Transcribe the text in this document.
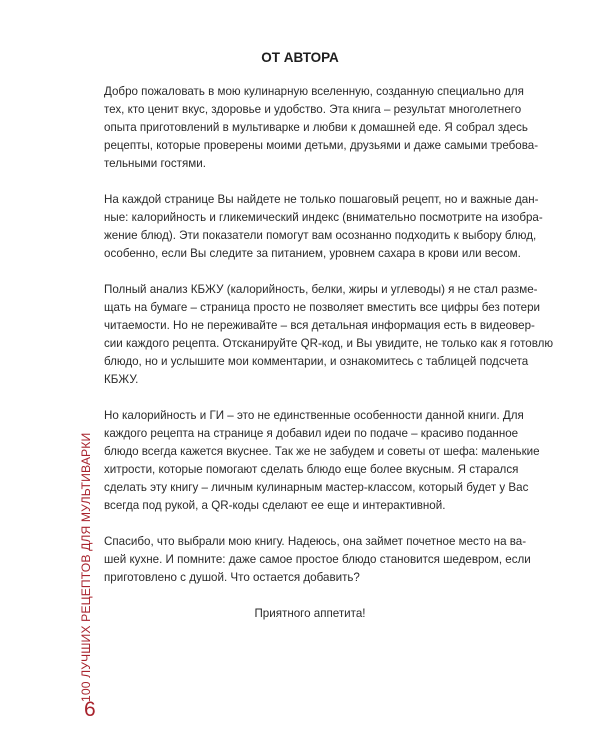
ОТ АВТОРА
Добро пожаловать в мою кулинарную вселенную, созданную специально для
тех, кто ценит вкус, здоровье и удобство. Эта книга – результат многолетнего
опыта приготовлений в мультиварке и любви к домашней еде. Я собрал здесь
рецепты, которые проверены моими детьми, друзьями и даже самыми требова-
тельными гостями.
На каждой странице Вы найдете не только пошаговый рецепт, но и важные дан-
ные: калорийность и гликемический индекс (внимательно посмотрите на изобра-
жение блюд). Эти показатели помогут вам осознанно подходить к выбору блюд,
особенно, если Вы следите за питанием, уровнем сахара в крови или весом.
Полный анализ КБЖУ (калорийность, белки, жиры и углеводы) я не стал разме-
щать на бумаге – страница просто не позволяет вместить все цифры без потери
читаемости. Но не переживайте – вся детальная информация есть в видеовер-
сии каждого рецепта. Отсканируйте QR-код, и Вы увидите, не только как я готовлю
блюдо, но и услышите мои комментарии, и ознакомитесь с таблицей подсчета
КБЖУ.
Но калорийность и ГИ – это не единственные особенности данной книги. Для
каждого рецепта на странице я добавил идеи по подаче – красиво поданное
блюдо всегда кажется вкуснее. Так же не забудем и советы от шефа: маленькие
хитрости, которые помогают сделать блюдо еще более вкусным. Я старался
сделать эту книгу – личным кулинарным мастер-классом, который будет у Вас
всегда под рукой, а QR-коды сделают ее еще и интерактивной.
Спасибо, что выбрали мою книгу. Надеюсь, она займет почетное место на ва-
шей кухне. И помните: даже самое простое блюдо становится шедевром, если
приготовлено с душой. Что остается добавить?
Приятного аппетита!
100 ЛУЧШИХ РЕЦЕПТОВ ДЛЯ МУЛЬТИВАРКИ
6
